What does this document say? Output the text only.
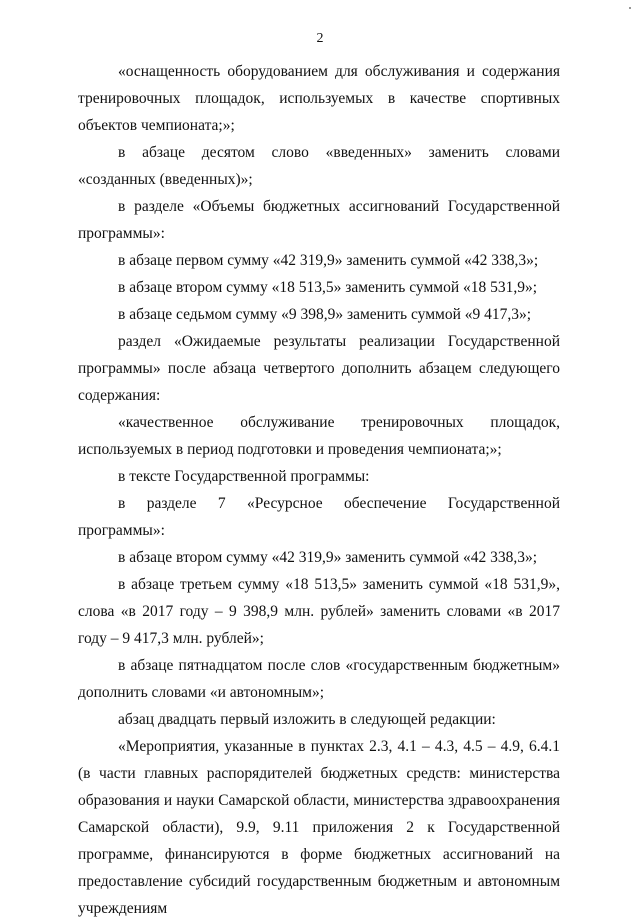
2

«оснащенность оборудованием для обслуживания и содержания тренировочных площадок, используемых в качестве спортивных объектов чемпионата;»;

в абзаце десятом слово «введенных» заменить словами «созданных (введенных)»;

в разделе «Объемы бюджетных ассигнований Государственной программы»:

в абзаце первом сумму «42 319,9» заменить суммой «42 338,3»;

в абзаце втором сумму «18 513,5» заменить суммой «18 531,9»;

в абзаце седьмом сумму «9 398,9» заменить суммой «9 417,3»;

раздел «Ожидаемые результаты реализации Государственной программы» после абзаца четвертого дополнить абзацем следующего содержания:

«качественное обслуживание тренировочных площадок, используемых в период подготовки и проведения чемпионата;»;

в тексте Государственной программы:

в разделе 7 «Ресурсное обеспечение Государственной программы»:

в абзаце втором сумму «42 319,9» заменить суммой «42 338,3»;

в абзаце третьем сумму «18 513,5» заменить суммой «18 531,9», слова «в 2017 году – 9 398,9 млн. рублей» заменить словами «в 2017 году – 9 417,3 млн. рублей»;

в абзаце пятнадцатом после слов «государственным бюджетным» дополнить словами «и автономным»;

абзац двадцать первый изложить в следующей редакции:

«Мероприятия, указанные в пунктах 2.3, 4.1 – 4.3, 4.5 – 4.9, 6.4.1 (в части главных распорядителей бюджетных средств: министерства образования и науки Самарской области, министерства здравоохранения Самарской области), 9.9, 9.11 приложения 2 к Государственной программе, финансируются в форме бюджетных ассигнований на предоставление субсидий государственным бюджетным и автономным учреждениям
